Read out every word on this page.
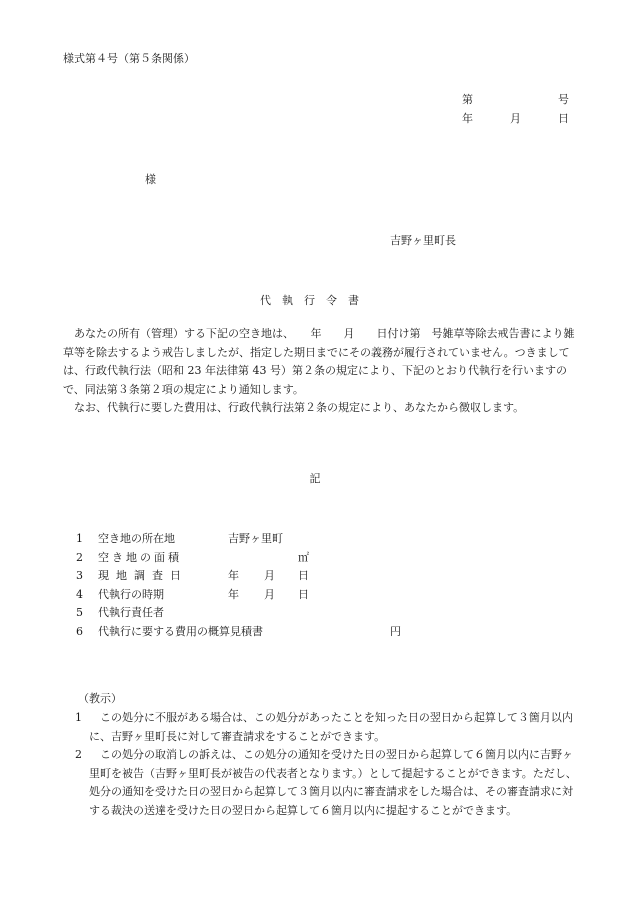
様式第４号（第５条関係）
第	号
年	月	日
様
吉野ヶ里町長
代執行令書

あなたの所有（管理）する下記の空き地は、　　年　　月　　日付け第　号雑草等除去戒告書により雑草等を除去するよう戒告しましたが、指定した期日までにその義務が履行されていません。つきましては、行政代執行法（昭和 23 年法律第 43 号）第２条の規定により、下記のとおり代執行を行いますので、同法第３条第２項の規定により通知します。

なお、代執行に要した費用は、行政代執行法第２条の規定により、あなたから徴収します。

記
1 空き地の所在地	吉野ヶ里町
2 空き地の面積	㎡
3 現地調査日	年 月 日
4 代執行の時期	年 月 日
5 代執行責任者
6 代執行に要する費用の概算見積書	円
（教示）
1	この処分に不服がある場合は、この処分があったことを知った日の翌日から起算して３箇月以内に、吉野ヶ里町長に対して審査請求をすることができます。
2	この処分の取消しの訴えは、この処分の通知を受けた日の翌日から起算して６箇月以内に吉野ヶ里町を被告（吉野ヶ里町長が被告の代表者となります。）として提起することができます。ただし、処分の通知を受けた日の翌日から起算して３箇月以内に審査請求をした場合は、その審査請求に対する裁決の送達を受けた日の翌日から起算して６箇月以内に提起することができます。
